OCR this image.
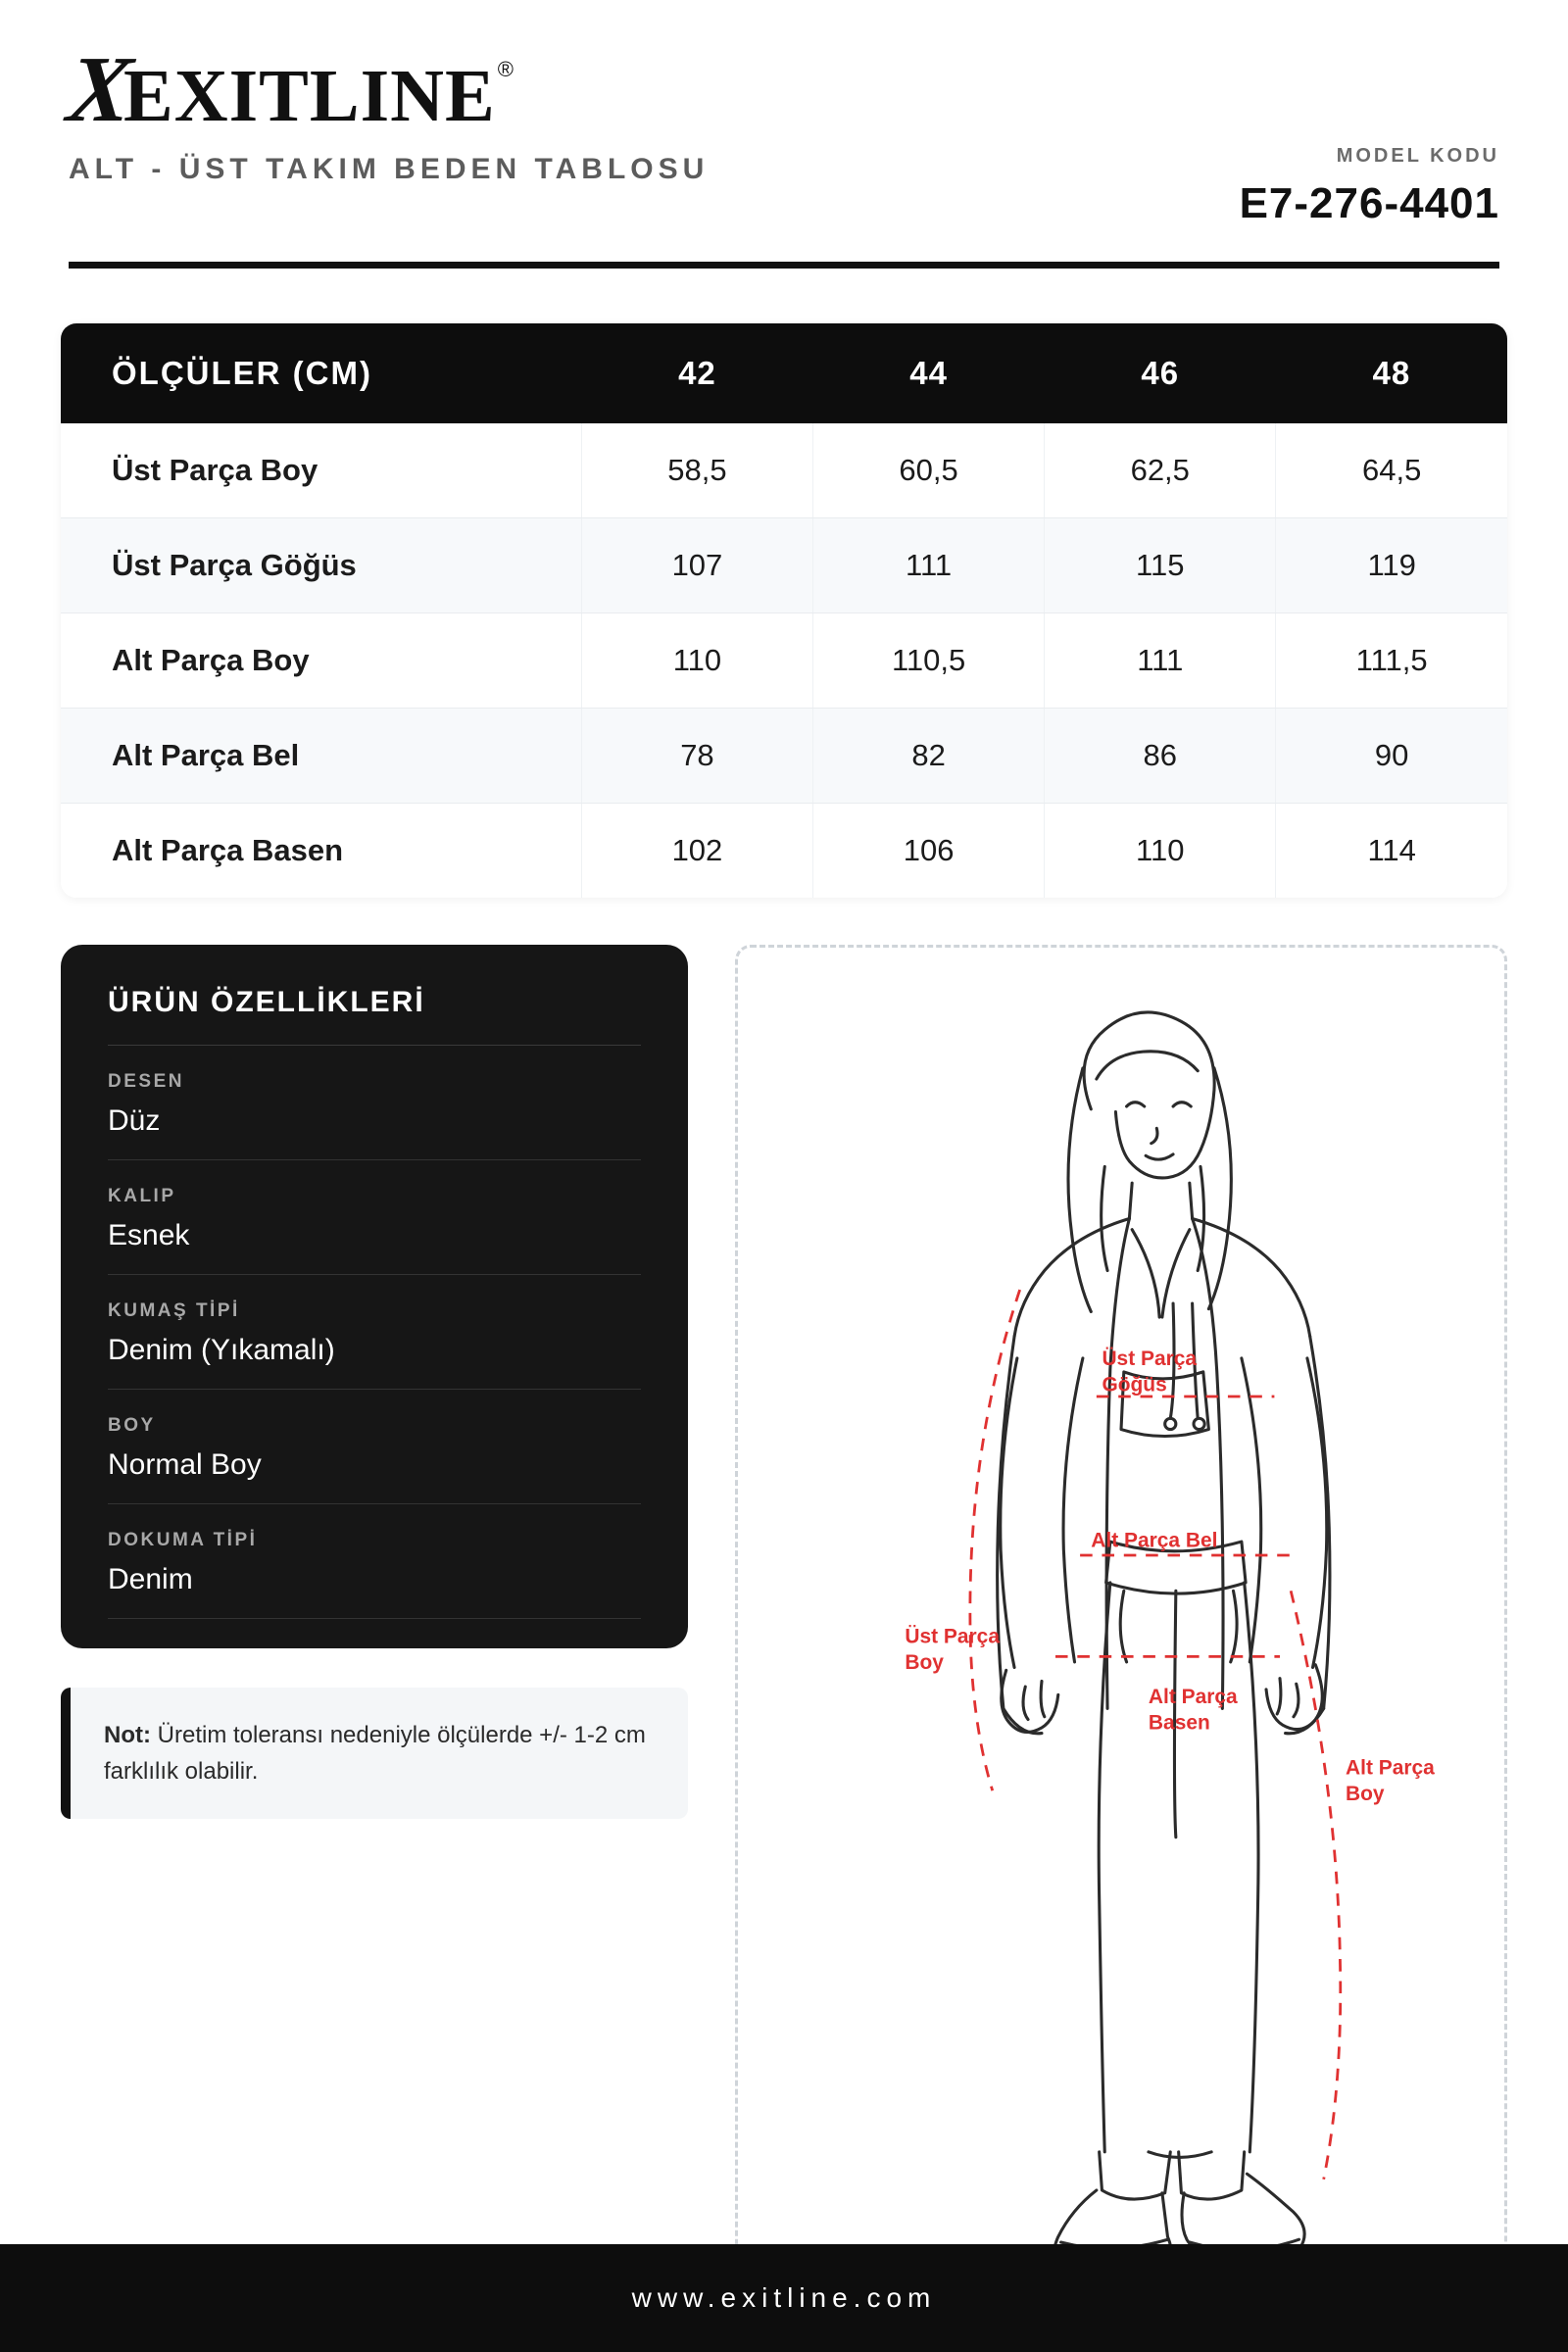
X
EXITLINE ®
ALT - ÜST TAKIM BEDEN TABLOSU	MODEL KODU
E7-276-4401
ÖLÇÜLER (CM)	42	44	46	48
Üst Parça Boy	58,5	60,5	62,5	64,5
Üst Parça Göğüs	107	111	115	119
Alt Parça Boy	110	110,5	111	111,5
Alt Parça Bel	78	82	86	90
Alt Parça Basen	102	106	110	114
ÜRÜN ÖZELLİKLERİ
DESEN
Düz
KALIP
Esnek
KUMAŞ TİPİ
Denim (Yıkamalı)
BOY
Normal Boy
DOKUMA TİPİ
Denim

Not: Üretim toleransı nedeniyle ölçülerde +/- 1-2 cm farklılık olabilir.

Üst Parça
Boy
Üst Parça
Göğüs
Alt Parça Bel
Alt Parça
Basen
Alt Parça
Boy
www.exitline.com
